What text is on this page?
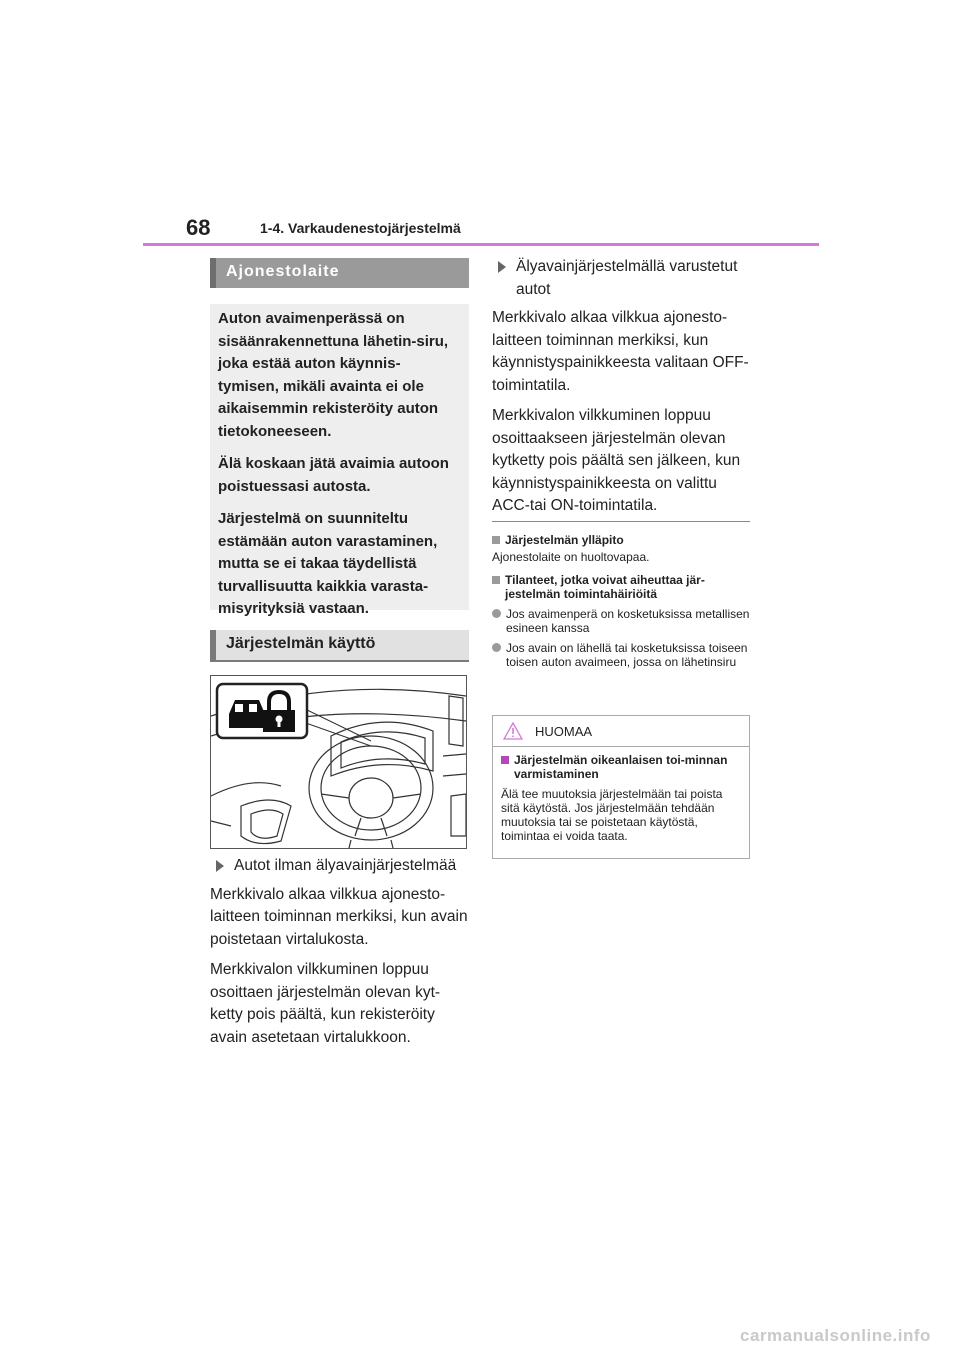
68	1-4. Varkaudenestojärjestelmä
Ajonestolaite

Auton avaimenperässä on sisäänrakennettuna lähetin-siru, joka estää auton käynnis-tymisen, mikäli avainta ei ole aikaisemmin rekisteröity auton tietokoneeseen.

Älä koskaan jätä avaimia autoon poistuessasi autosta.

Järjestelmä on suunniteltu estämään auton varastaminen, mutta se ei takaa täydellistä turvallisuutta kaikkia varasta-misyrityksiä vastaan.

Järjestelmän käyttö
Autot ilman älyavainjärjestelmää

Merkkivalo alkaa vilkkua ajonesto-laitteen toiminnan merkiksi, kun avain poistetaan virtalukosta.

Merkkivalon vilkkuminen loppuu osoittaen järjestelmän olevan kyt-ketty pois päältä, kun rekisteröity avain asetetaan virtalukkoon.

Älyavainjärjestelmällä varustetut autot

Merkkivalo alkaa vilkkua ajonesto-laitteen toiminnan merkiksi, kun käynnistyspainikkeesta valitaan OFF-toimintatila.

Merkkivalon vilkkuminen loppuu osoittaakseen järjestelmän olevan kytketty pois päältä sen jälkeen, kun käynnistyspainikkeesta on valittu ACC-tai ON-toimintatila.

Järjestelmän ylläpito

Ajonestolaite on huoltovapaa.

Tilanteet, jotka voivat aiheuttaa jär-jestelmän toimintahäiriöitä
Jos avaimenperä on kosketuksissa metallisen esineen kanssa
Jos avain on lähellä tai kosketuksissa toiseen toisen auton avaimeen, jossa on lähetinsiru
HUOMAA
Järjestelmän oikeanlaisen toi-minnan varmistaminen

Älä tee muutoksia järjestelmään tai poista sitä käytöstä. Jos järjestelmään tehdään muutoksia tai se poistetaan käytöstä, toimintaa ei voida taata.

carmanualsonline.info
